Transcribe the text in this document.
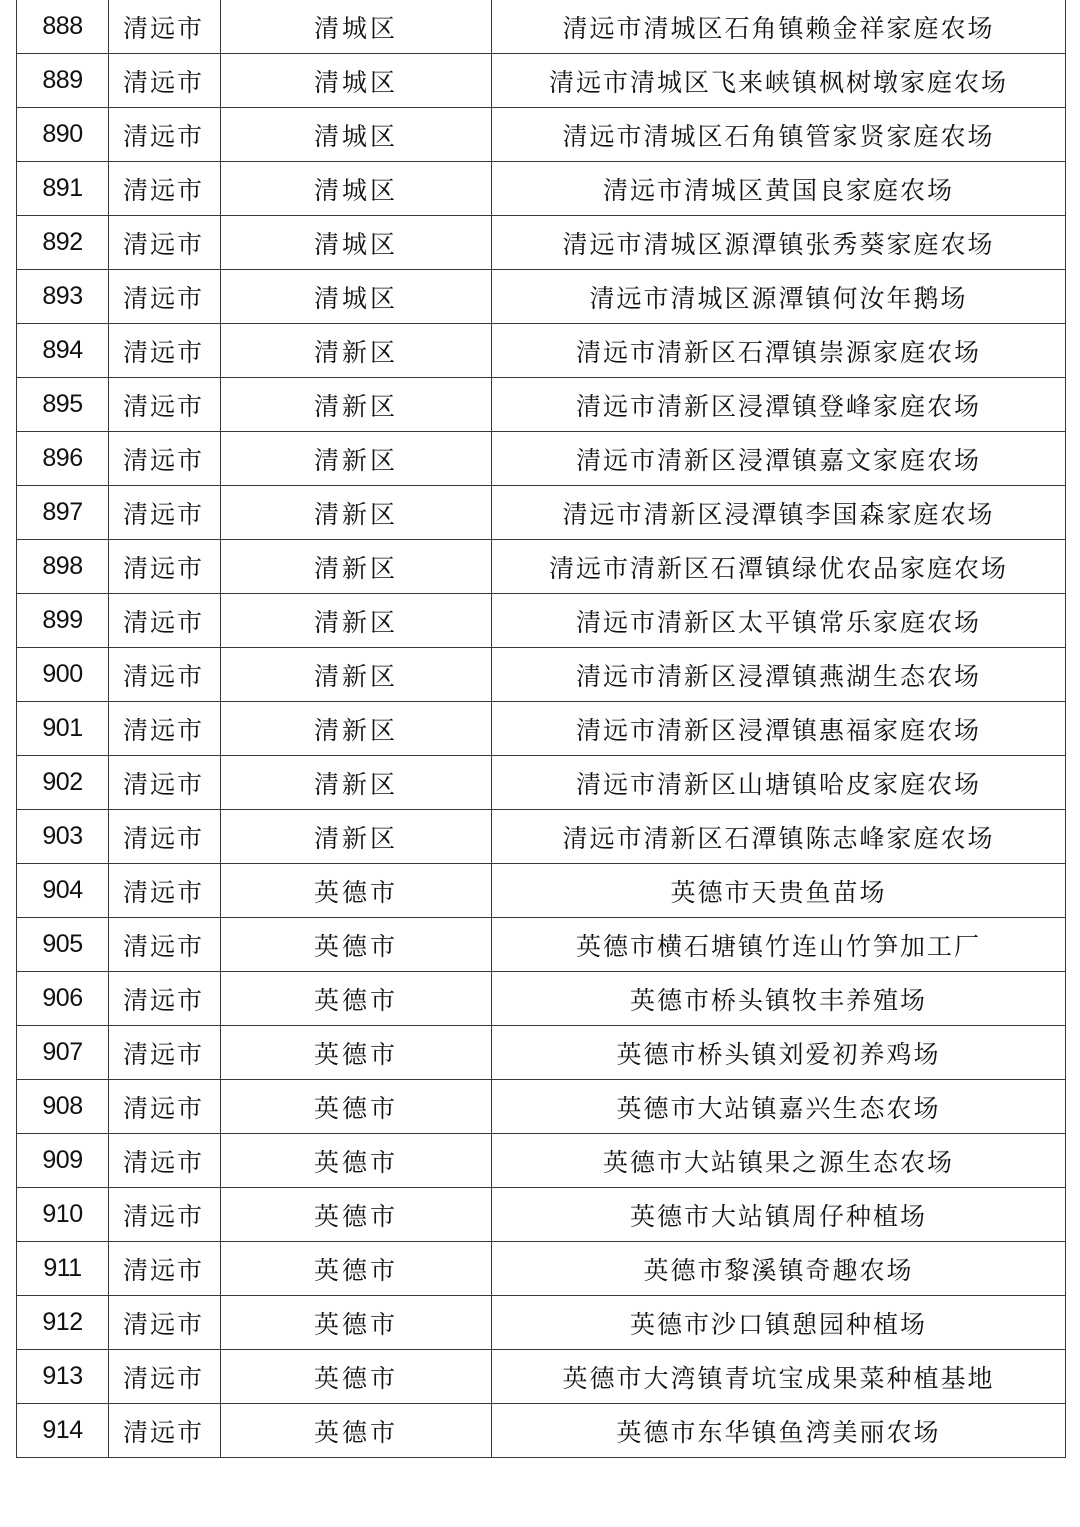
888	清远市	清城区	清远市清城区石角镇赖金祥家庭农场
889	清远市	清城区	清远市清城区飞来峡镇枫树墩家庭农场
890	清远市	清城区	清远市清城区石角镇管家贤家庭农场
891	清远市	清城区	清远市清城区黄国良家庭农场
892	清远市	清城区	清远市清城区源潭镇张秀葵家庭农场
893	清远市	清城区	清远市清城区源潭镇何汝年鹅场
894	清远市	清新区	清远市清新区石潭镇崇源家庭农场
895	清远市	清新区	清远市清新区浸潭镇登峰家庭农场
896	清远市	清新区	清远市清新区浸潭镇嘉文家庭农场
897	清远市	清新区	清远市清新区浸潭镇李国森家庭农场
898	清远市	清新区	清远市清新区石潭镇绿优农品家庭农场
899	清远市	清新区	清远市清新区太平镇常乐家庭农场
900	清远市	清新区	清远市清新区浸潭镇燕湖生态农场
901	清远市	清新区	清远市清新区浸潭镇惠福家庭农场
902	清远市	清新区	清远市清新区山塘镇哈皮家庭农场
903	清远市	清新区	清远市清新区石潭镇陈志峰家庭农场
904	清远市	英德市	英德市天贵鱼苗场
905	清远市	英德市	英德市横石塘镇竹连山竹笋加工厂
906	清远市	英德市	英德市桥头镇牧丰养殖场
907	清远市	英德市	英德市桥头镇刘爱初养鸡场
908	清远市	英德市	英德市大站镇嘉兴生态农场
909	清远市	英德市	英德市大站镇果之源生态农场
910	清远市	英德市	英德市大站镇周仔种植场
911	清远市	英德市	英德市黎溪镇奇趣农场
912	清远市	英德市	英德市沙口镇憩园种植场
913	清远市	英德市	英德市大湾镇青坑宝成果菜种植基地
914	清远市	英德市	英德市东华镇鱼湾美丽农场
